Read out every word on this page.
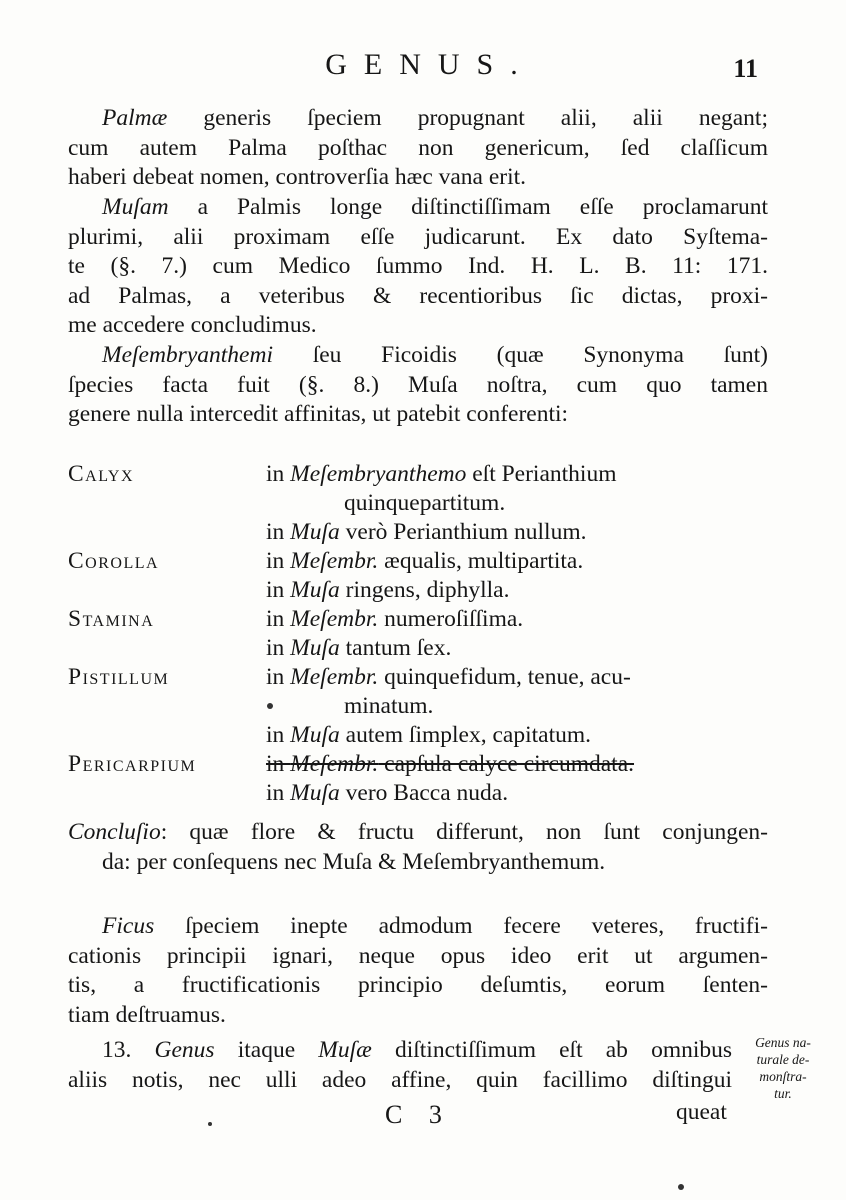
GENUS.	11

Palmæ generis ſpeciem propugnant alii, alii negant;

cum autem Palma poſthac non genericum, ſed claſſicum

haberi debeat nomen, controverſia hæc vana erit.

Muſam a Palmis longe diſtinctiſſimam eſſe proclamarunt

plurimi, alii proximam eſſe judicarunt. Ex dato Syſtema-

te (§. 7.) cum Medico ſummo Ind. H. L. B. 11: 171.

ad Palmas, a veteribus & recentioribus ſic dictas, proxi-

me accedere concludimus.

Meſembryanthemi ſeu Ficoidis (quæ Synonyma ſunt)

ſpecies facta fuit (§. 8.) Muſa noſtra, cum quo tamen

genere nulla intercedit affinitas, ut patebit conferenti:

Calyx	in Meſembryanthemo eſt Perianthium
quinquepartitum.
in Muſa verò Perianthium nullum.
Corolla	in Meſembr. æqualis, multipartita.
in Muſa ringens, diphylla.
Stamina	in Meſembr. numeroſiſſima.
in Muſa tantum ſex.
Pistillum	in Meſembr. quinquefidum, tenue, acu-
minatum.
in Muſa autem ſimplex, capitatum.
Pericarpium	in Meſembr. capſula calyce circumdata.
in Muſa vero Bacca nuda.

Concluſio: quæ flore & fructu differunt, non ſunt conjungen-

da: per conſequens nec Muſa & Meſembryanthemum.

Ficus ſpeciem inepte admodum fecere veteres, fructifi-

cationis principii ignari, neque opus ideo erit ut argumen-

tis, a fructificationis principio deſumtis, eorum ſenten-

tiam deſtruamus.

13. Genus itaque Muſæ diſtinctiſſimum eſt ab omnibus

aliis notis, nec ulli adeo affine, quin facillimo diſtingui

Genus na-
turale de-
monſtra-
tur.
C 3	queat
